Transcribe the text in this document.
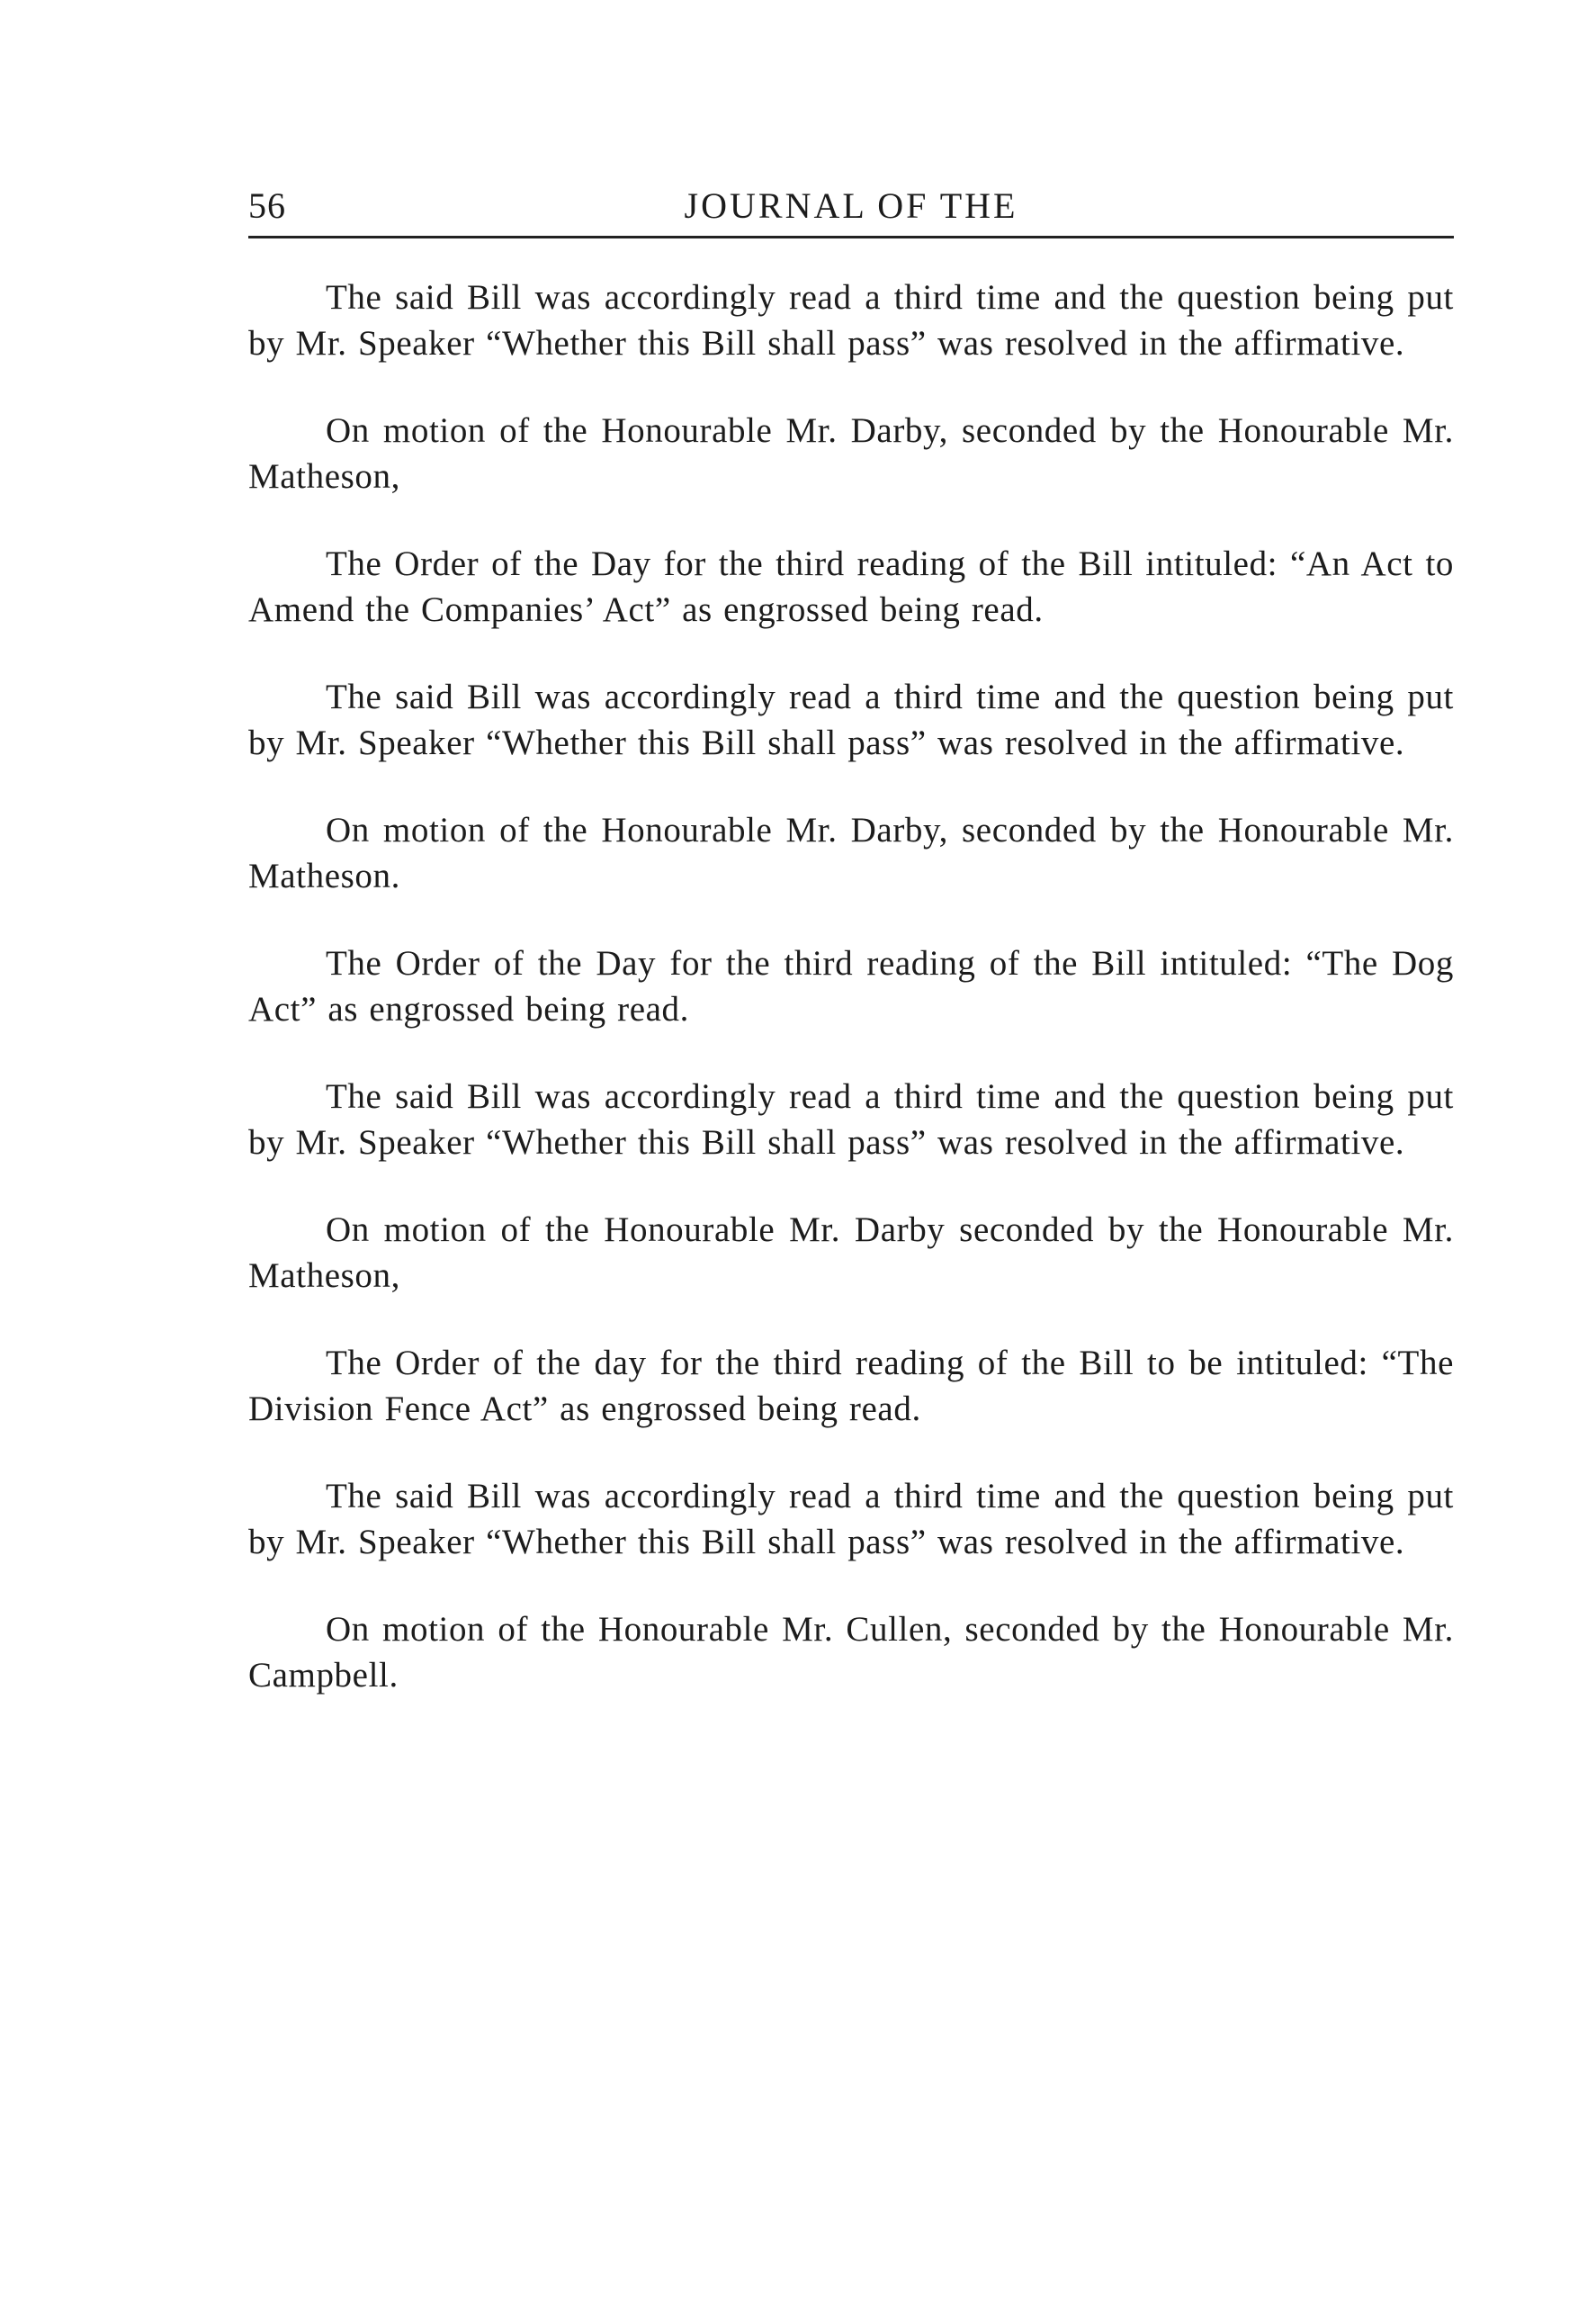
56	JOURNAL OF THE

The said Bill was accordingly read a third time and the question being put by Mr. Speaker “Whether this Bill shall pass” was resolved in the affirmative.

On motion of the Honourable Mr. Darby, seconded by the Honourable Mr. Matheson,

The Order of the Day for the third reading of the Bill intituled: “An Act to Amend the Companies’ Act” as engrossed being read.

The said Bill was accordingly read a third time and the question being put by Mr. Speaker “Whether this Bill shall pass” was resolved in the affirmative.

On motion of the Honourable Mr. Darby, seconded by the Honourable Mr. Matheson.

The Order of the Day for the third reading of the Bill intituled: “The Dog Act” as engrossed being read.

The said Bill was accordingly read a third time and the question being put by Mr. Speaker “Whether this Bill shall pass” was resolved in the affirmative.

On motion of the Honourable Mr. Darby seconded by the Honourable Mr. Matheson,

The Order of the day for the third reading of the Bill to be intituled: “The Division Fence Act” as engrossed being read.

The said Bill was accordingly read a third time and the question being put by Mr. Speaker “Whether this Bill shall pass” was resolved in the affirmative.

On motion of the Honourable Mr. Cullen, seconded by the Honourable Mr. Campbell.
